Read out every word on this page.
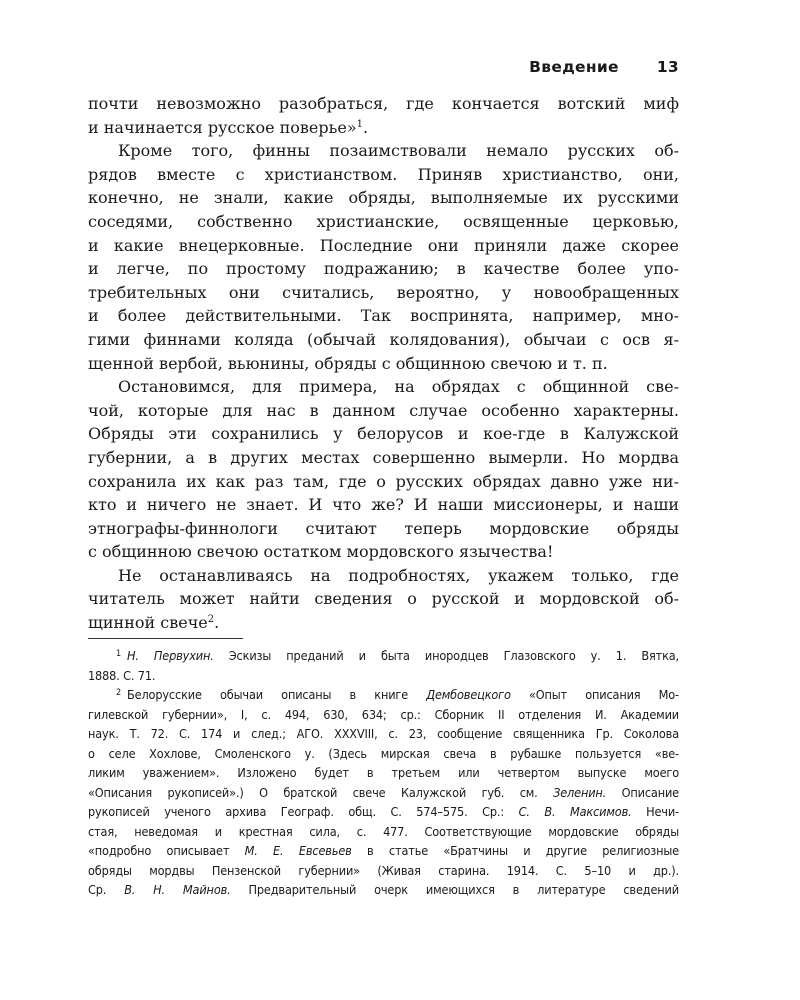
Введение 13
почти невозможно разобраться, где кончается вотский миф
и начинается русское поверье»$^1$.
Кроме того, финны позаимствовали немало русских об-
рядов вместе с христианством. Приняв христианство, они,
конечно, не знали, какие обряды, выполняемые их русскими
соседями, собственно христианские, освященные церковью,
и какие внецерковные. Последние они приняли даже скорее
и легче, по простому подражанию; в качестве более упо-
требительных они считались, вероятно, у новообращенных
и более действительными. Так воспринята, например, мно-
гими финнами коляда (обычай колядования), обычаи с осв я-
щенной вербой, вьюнины, обряды с общинною свечою и т. п.
Остановимся, для примера, на обрядах с общинной све-
чой, которые для нас в данном случае особенно характерны.
Обряды эти сохранились у белорусов и кое-где в Калужской
губернии, а в других местах совершенно вымерли. Но мордва
сохранила их как раз там, где о русских обрядах давно уже ни-
кто и ничего не знает. И что же? И наши миссионеры, и наши
этнографы-финнологи считают теперь мордовские обряды
с общинною свечою остатком мордовского язычества!
Не останавливаясь на подробностях, укажем только, где
читатель может найти сведения о русской и мордовской об-
щинной свече$^2$.
$^1$ Н. Первухин. Эскизы преданий и быта инородцев Глазовского у. 1. Вятка,
1888. С. 71.
$^2$ Белорусские обычаи описаны в книге Дембовецкого «Опыт описания Мо-
гилевской губернии», I, с. 494, 630, 634; ср.: Сборник II отделения И. Академии
наук. Т. 72. С. 174 и след.; АГО. XXXVIII, с. 23, сообщение священника Гр. Соколова
о селе Хохлове, Смоленского у. (Здесь мирская свеча в рубашке пользуется «ве-
ликим уважением». Изложено будет в третьем или четвертом выпуске моего
«Описания рукописей».) О братской свече Калужской губ. см. Зеленин. Описание
рукописей ученого архива Географ. общ. С. 574–575. Ср.: С. В. Максимов. Нечи-
стая, неведомая и крестная сила, с. 477. Соответствующие мордовские обряды
«подробно описывает М. Е. Евсевьев в статье «Братчины и другие религиозные
обряды мордвы Пензенской губернии» (Живая старина. 1914. С. 5–10 и др.).
Ср. В. Н. Майнов. Предварительный очерк имеющихся в литературе сведений
